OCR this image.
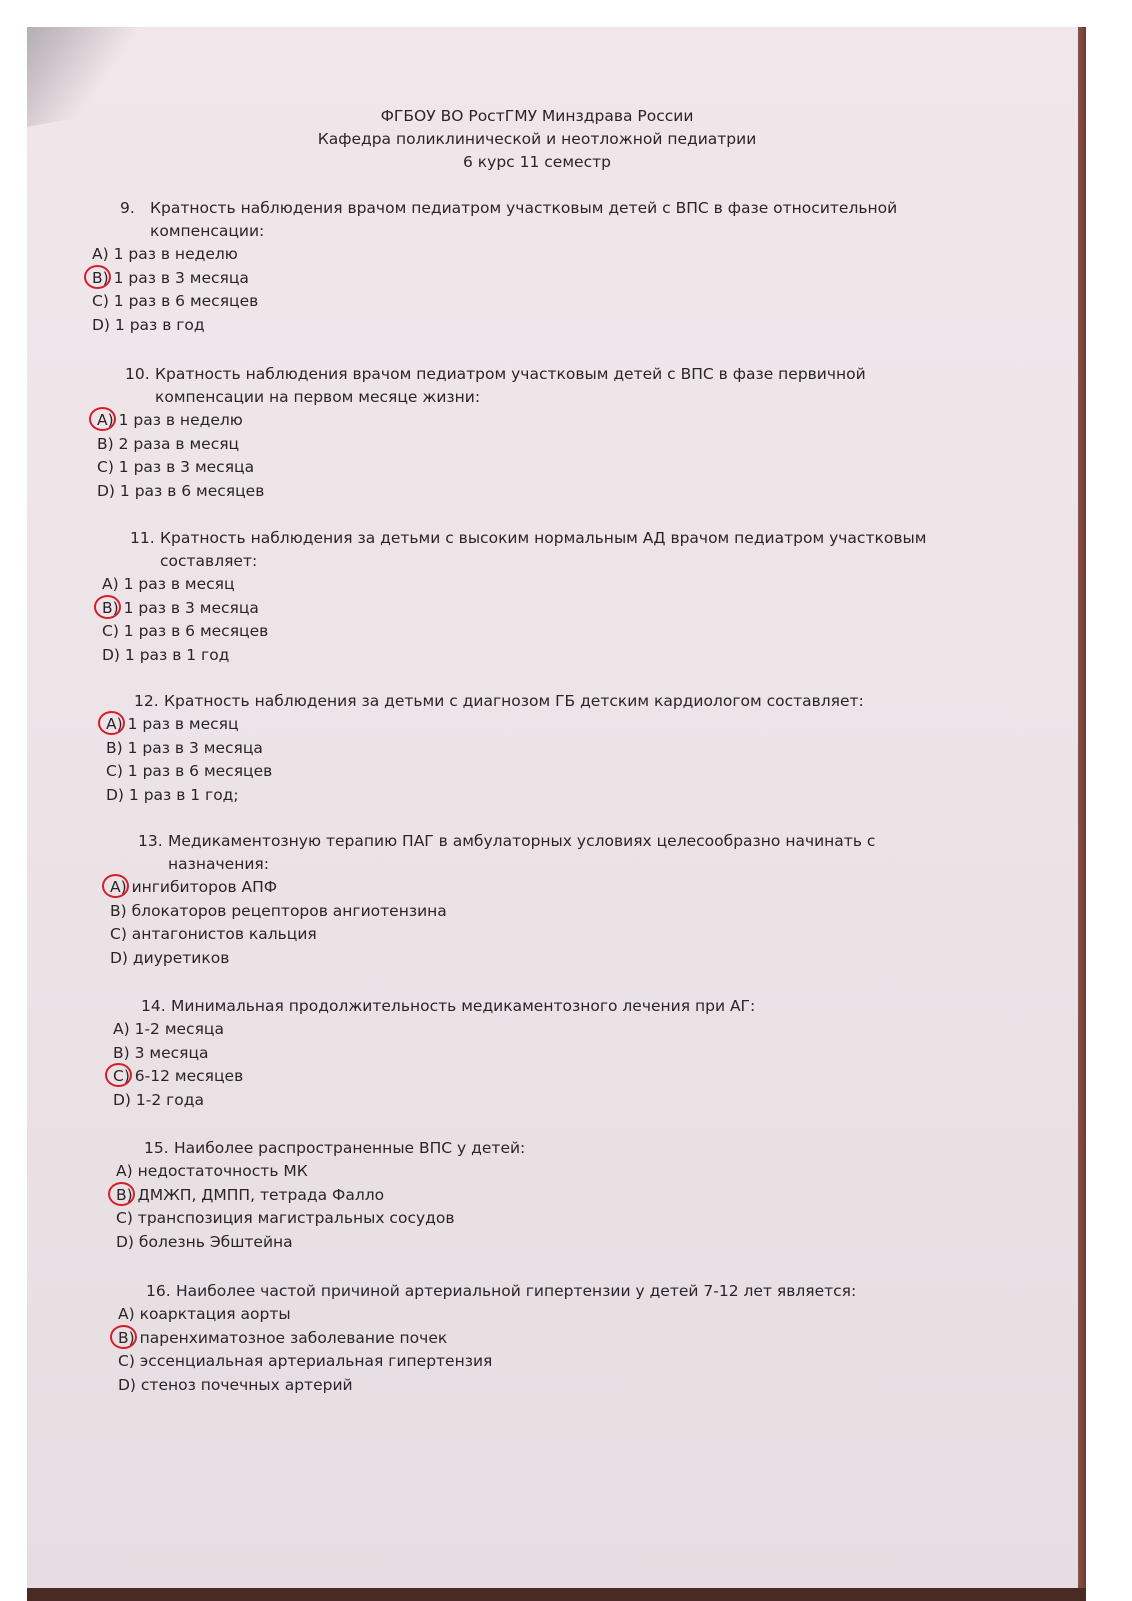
ФГБОУ ВО РостГМУ Минздрава России
Кафедра поликлинической и неотложной педиатрии
6 курс 11 семестр
9. Кратность наблюдения врачом педиатром участковым детей с ВПС в фазе относительной
компенсации:
A) 1 раз в неделю
B) 1 раз в 3 месяца
C) 1 раз в 6 месяцев
D) 1 раз в год
10. Кратность наблюдения врачом педиатром участковым детей с ВПС в фазе первичной
компенсации на первом месяце жизни:
A) 1 раз в неделю
B) 2 раза в месяц
C) 1 раз в 3 месяца
D) 1 раз в 6 месяцев
11. Кратность наблюдения за детьми с высоким нормальным АД врачом педиатром участковым
составляет:
A) 1 раз в месяц
B) 1 раз в 3 месяца
C) 1 раз в 6 месяцев
D) 1 раз в 1 год
12. Кратность наблюдения за детьми с диагнозом ГБ детским кардиологом составляет:
A) 1 раз в месяц
B) 1 раз в 3 месяца
C) 1 раз в 6 месяцев
D) 1 раз в 1 год;
13. Медикаментозную терапию ПАГ в амбулаторных условиях целесообразно начинать с
назначения:
A) ингибиторов АПФ
B) блокаторов рецепторов ангиотензина
C) антагонистов кальция
D) диуретиков
14. Минимальная продолжительность медикаментозного лечения при АГ:
A) 1-2 месяца
B) 3 месяца
C) 6-12 месяцев
D) 1-2 года
15. Наиболее распространенные ВПС у детей:
A) недостаточность МК
B) ДМЖП, ДМПП, тетрада Фалло
C) транспозиция магистральных сосудов
D) болезнь Эбштейна
16. Наиболее частой причиной артериальной гипертензии у детей 7-12 лет является:
A) коарктация аорты
B) паренхиматозное заболевание почек
C) эссенциальная артериальная гипертензия
D) стеноз почечных артерий
